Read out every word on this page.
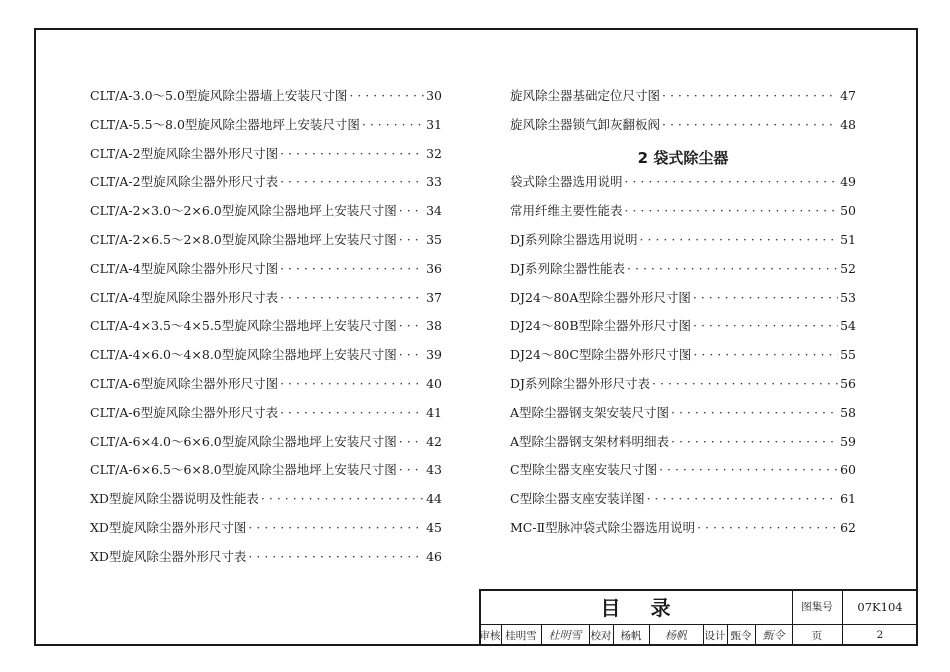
CLT/A-3.0～5.0型旋风除尘器墙上安装尺寸图 · · ·	30
CLT/A-5.5～8.0型旋风除尘器地坪上安装尺寸图 · · ·	31
CLT/A-2型旋风除尘器外形尺寸图 · · ·	32
CLT/A-2型旋风除尘器外形尺寸表 · · ·	33
CLT/A-2×3.0～2×6.0型旋风除尘器地坪上安装尺寸图 · · · 34
CLT/A-2×6.5～2×8.0型旋风除尘器地坪上安装尺寸图 · · · 35
CLT/A-4型旋风除尘器外形尺寸图 · · ·	36
CLT/A-4型旋风除尘器外形尺寸表 · · ·	37
CLT/A-4×3.5～4×5.5型旋风除尘器地坪上安装尺寸图 · · · 38
CLT/A-4×6.0～4×8.0型旋风除尘器地坪上安装尺寸图 · · · 39
CLT/A-6型旋风除尘器外形尺寸图 · · ·	40
CLT/A-6型旋风除尘器外形尺寸表 · · ·	41
CLT/A-6×4.0～6×6.0型旋风除尘器地坪上安装尺寸图 · · · 42
CLT/A-6×6.5～6×8.0型旋风除尘器地坪上安装尺寸图 · · · 43
XD型旋风除尘器说明及性能表 · · ·	44
XD型旋风除尘器外形尺寸图 · · ·	45
XD型旋风除尘器外形尺寸表 · · ·	46
旋风除尘器基础定位尺寸图 · · ·	47
旋风除尘器锁气卸灰翻板阀 · · ·	48
2 袋式除尘器
袋式除尘器选用说明 · · ·	49
常用纤维主要性能表 · · ·	50
DJ系列除尘器选用说明 · · ·	51
DJ系列除尘器性能表 · · ·	52
DJ24～80A型除尘器外形尺寸图 · · ·	53
DJ24～80B型除尘器外形尺寸图 · · ·	54
DJ24～80C型除尘器外形尺寸图 · · ·	55
DJ系列除尘器外形尺寸表 · · ·	56
A型除尘器钢支架安装尺寸图 · · ·	58
A型除尘器钢支架材料明细表 · · ·	59
C型除尘器支座安装尺寸图 · · ·	60
C型除尘器支座安装详图 · · ·	61
MC-Ⅱ型脉冲袋式除尘器选用说明 · · ·	62
目录	图集号	07K104
审核 桂明雪	杜明雪 校对 杨帆	杨帆	设计 甄令	甄令	页	2
